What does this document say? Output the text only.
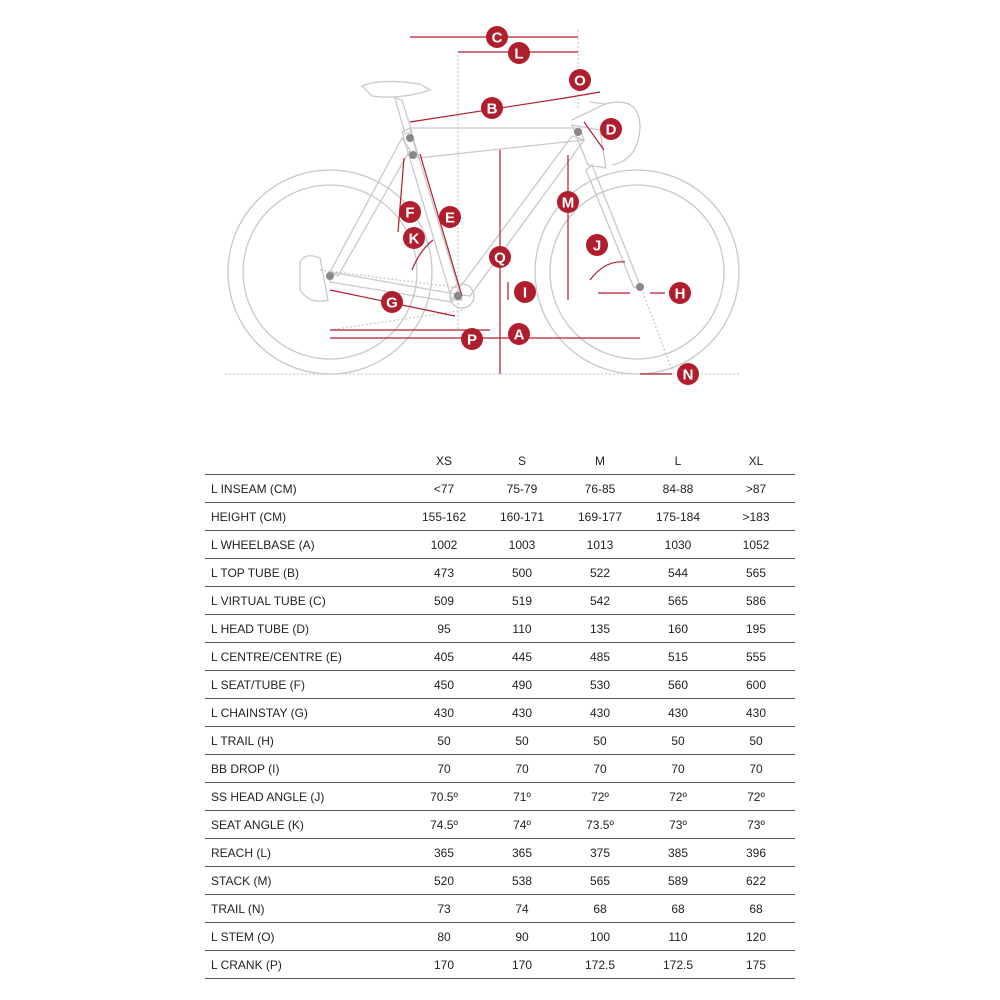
C
L
O
B
D
M
F E
K	J
Q
I	H
G
A
P
N
	XS	S	M	L	XL
L INSEAM (CM)	<77	75-79	76-85	84-88	>87
HEIGHT (CM)	155-162	160-171	169-177	175-184	>183
L WHEELBASE (A)	1002	1003	1013	1030	1052
L TOP TUBE (B)	473	500	522	544	565
L VIRTUAL TUBE (C)	509	519	542	565	586
L HEAD TUBE (D)	95	110	135	160	195
L CENTRE/CENTRE (E)	405	445	485	515	555
L SEAT/TUBE (F)	450	490	530	560	600
L CHAINSTAY (G)	430	430	430	430	430
L TRAIL (H)	50	50	50	50	50
BB DROP (I)	70	70	70	70	70
SS HEAD ANGLE (J)	70.5º	71º	72º	72º	72º
SEAT ANGLE (K)	74.5º	74º	73.5º	73º	73º
REACH (L)	365	365	375	385	396
STACK (M)	520	538	565	589	622
TRAIL (N)	73	74	68	68	68
L STEM (O)	80	90	100	110	120
L CRANK (P)	170	170	172.5	172.5	175
